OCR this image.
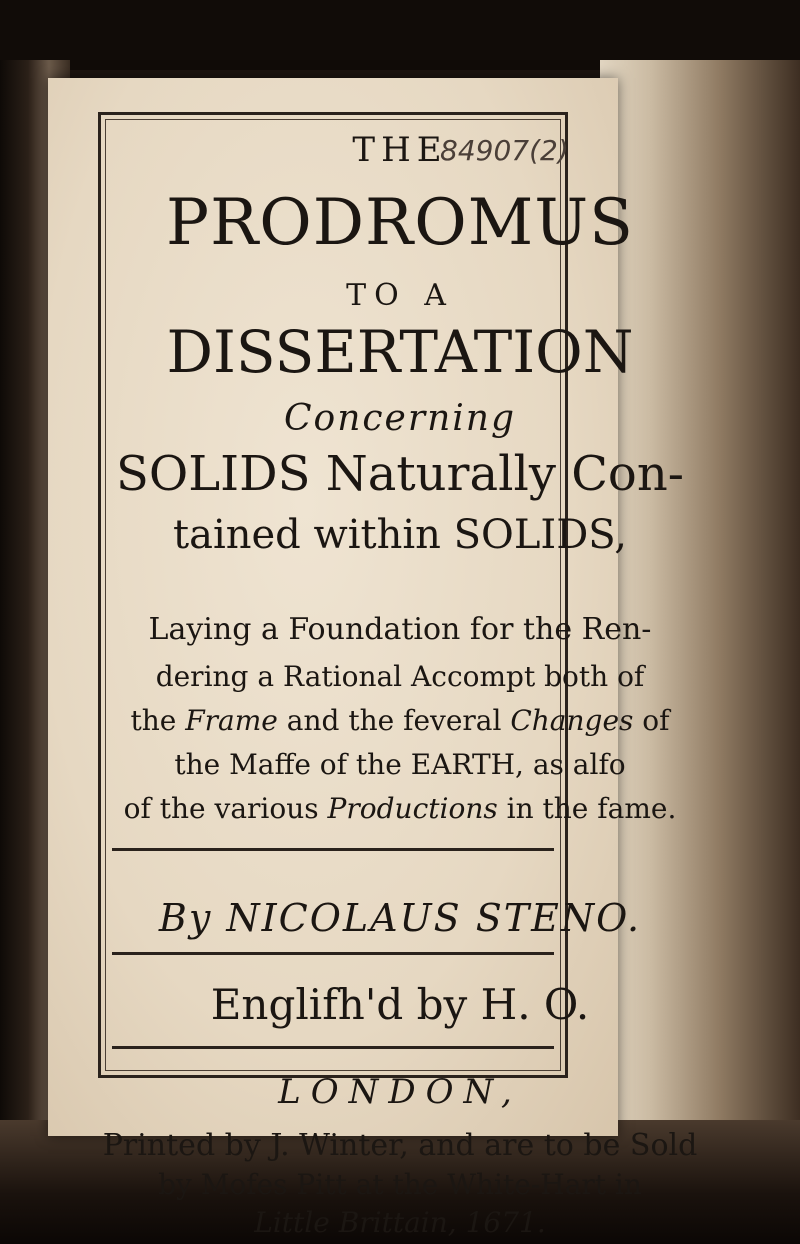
THE
84907(2)
PRODROMUS
TO A
DISSERTATION
Concerning
SOLIDS Naturally Con-
tained within SOLIDS,
Laying a Foundation for the Ren-
dering a Rational Accompt both of
the Frame and the feveral Changes of
the Maffe of the EARTH, as alfo
of the various Productions in the fame.
By NICOLAUS STENO.
Englifh'd by H. O.
LONDON,
Printed by J. Winter, and are to be Sold
by Mofes Pitt at the White-Hart in
Little Brittain, 1671.
